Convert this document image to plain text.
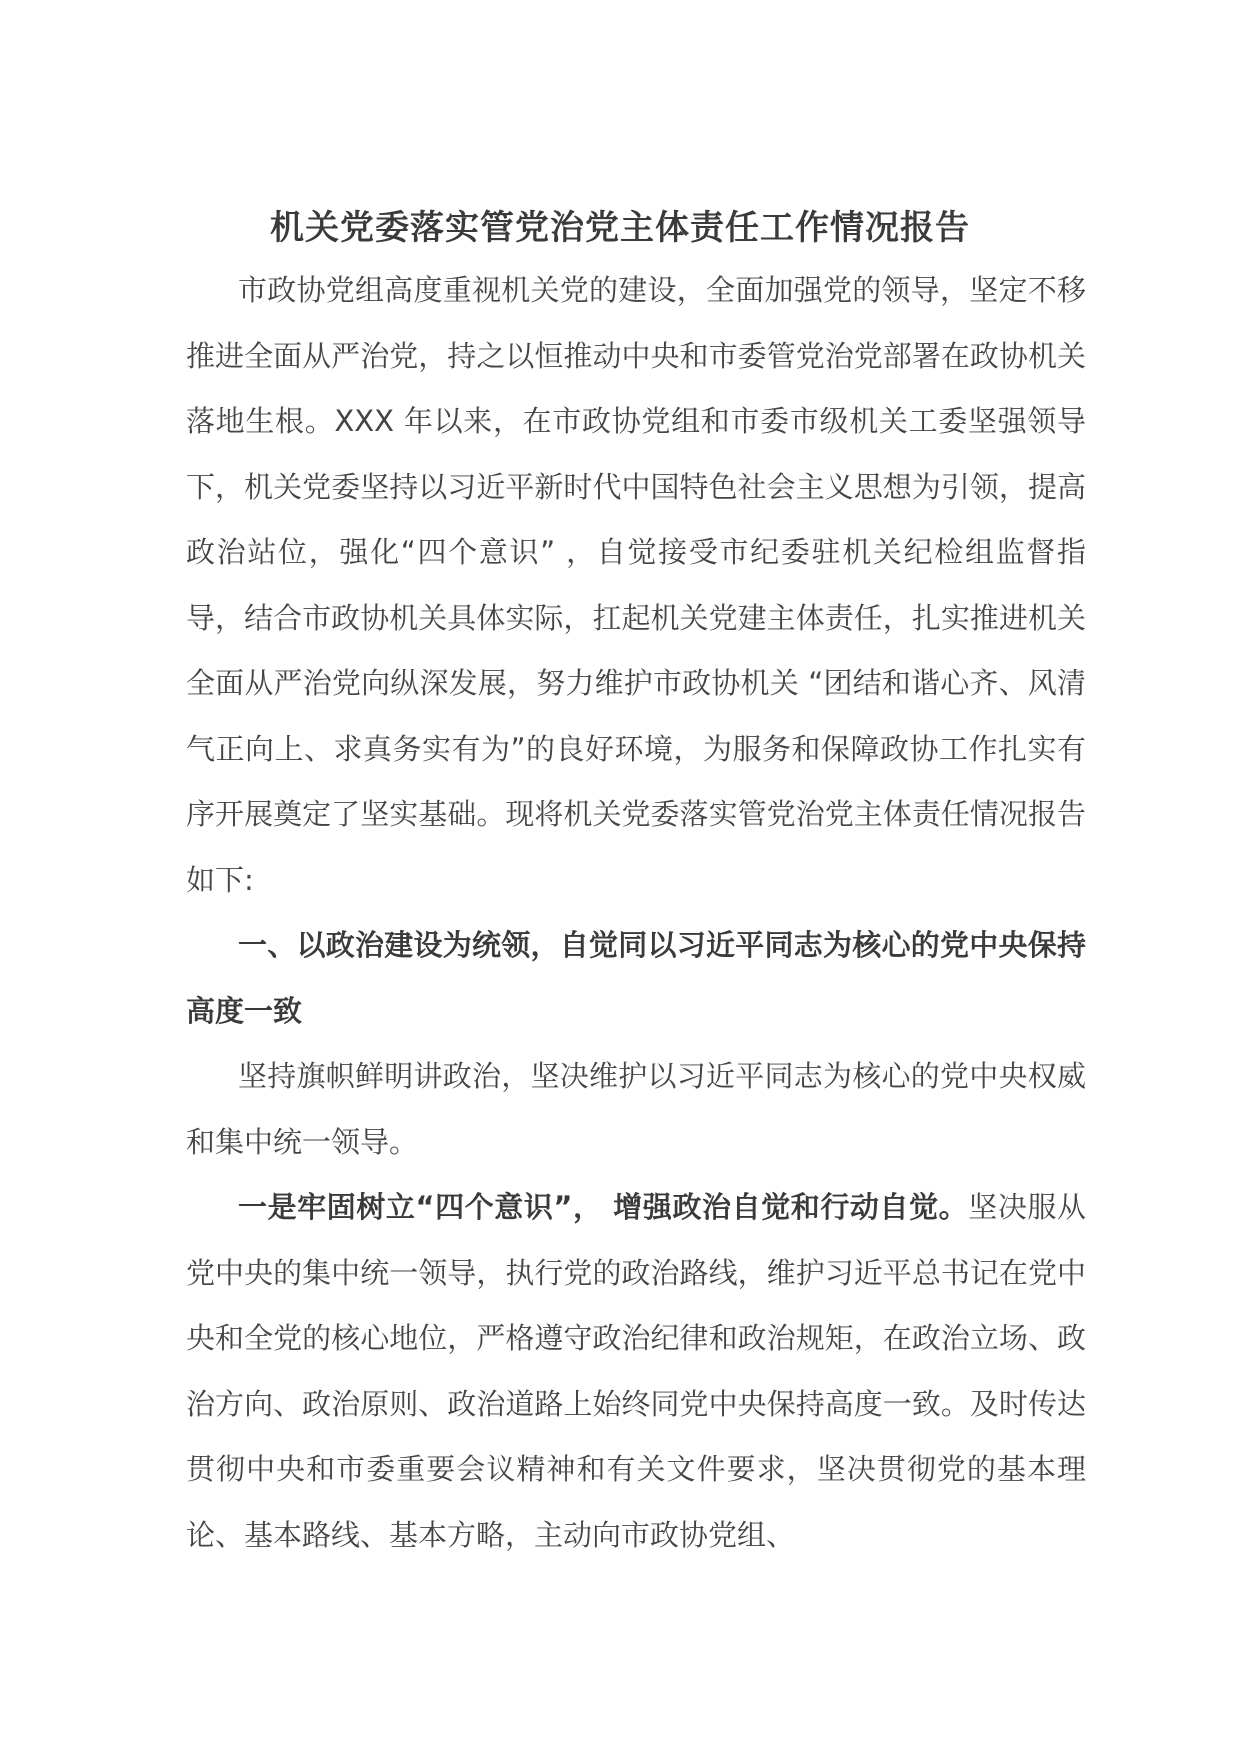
机关党委落实管党治党主体责任工作情况报告

市政协党组高度重视机关党的建设，全面加强党的领导，坚定不移推进全面从严治党，持之以恒推动中央和市委管党治党部署在政协机关落地生根。XXX 年以来，在市政协党组和市委市级机关工委坚强领导下，机关党委坚持以习近平新时代中国特色社会主义思想为引领，提高政治站位，强化“四个意识” ，自觉接受市纪委驻机关纪检组监督指导，结合市政协机关具体实际，扛起机关党建主体责任，扎实推进机关全面从严治党向纵深发展，努力维护市政协机关 “团结和谐心齐、风清气正向上、求真务实有为”的良好环境，为服务和保障政协工作扎实有序开展奠定了坚实基础。现将机关党委落实管党治党主体责任情况报告如下:

一、以政治建设为统领，自觉同以习近平同志为核心的党中央保持高度一致

坚持旗帜鲜明讲政治，坚决维护以习近平同志为核心的党中央权威和集中统一领导。

一是牢固树立“四个意识”， 增强政治自觉和行动自觉。坚决服从党中央的集中统一领导，执行党的政治路线，维护习近平总书记在党中央和全党的核心地位，严格遵守政治纪律和政治规矩，在政治立场、政治方向、政治原则、政治道路上始终同党中央保持高度一致。及时传达贯彻中央和市委重要会议精神和有关文件要求，坚决贯彻党的基本理论、基本路线、基本方略，主动向市政协党组、
